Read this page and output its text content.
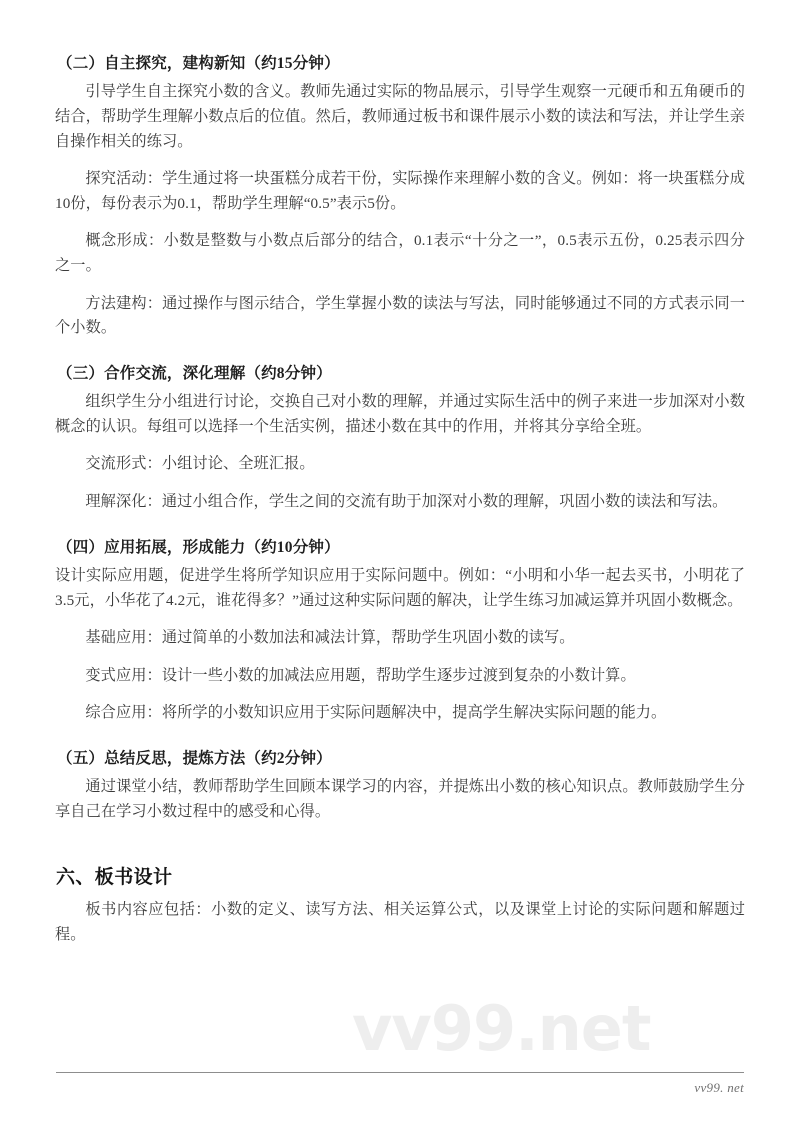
（二）自主探究，建构新知（约15分钟）

引导学生自主探究小数的含义。教师先通过实际的物品展示，引导学生观察一元硬币和五角硬币的结合，帮助学生理解小数点后的位值。然后，教师通过板书和课件展示小数的读法和写法，并让学生亲自操作相关的练习。

探究活动：学生通过将一块蛋糕分成若干份，实际操作来理解小数的含义。例如：将一块蛋糕分成10份，每份表示为0.1，帮助学生理解“0.5”表示5份。

概念形成：小数是整数与小数点后部分的结合，0.1表示“十分之一”，0.5表示五份，0.25表示四分之一。

方法建构：通过操作与图示结合，学生掌握小数的读法与写法，同时能够通过不同的方式表示同一个小数。

（三）合作交流，深化理解（约8分钟）

组织学生分小组进行讨论，交换自己对小数的理解，并通过实际生活中的例子来进一步加深对小数概念的认识。每组可以选择一个生活实例，描述小数在其中的作用，并将其分享给全班。

交流形式：小组讨论、全班汇报。

理解深化：通过小组合作，学生之间的交流有助于加深对小数的理解，巩固小数的读法和写法。

（四）应用拓展，形成能力（约10分钟）

设计实际应用题，促进学生将所学知识应用于实际问题中。例如：“小明和小华一起去买书，小明花了3.5元，小华花了4.2元，谁花得多？”通过这种实际问题的解决，让学生练习加减运算并巩固小数概念。

基础应用：通过简单的小数加法和减法计算，帮助学生巩固小数的读写。

变式应用：设计一些小数的加减法应用题，帮助学生逐步过渡到复杂的小数计算。

综合应用：将所学的小数知识应用于实际问题解决中，提高学生解决实际问题的能力。

（五）总结反思，提炼方法（约2分钟）

通过课堂小结，教师帮助学生回顾本课学习的内容，并提炼出小数的核心知识点。教师鼓励学生分享自己在学习小数过程中的感受和心得。

六、板书设计

板书内容应包括：小数的定义、读写方法、相关运算公式，以及课堂上讨论的实际问题和解题过程。

vv99.net
vv99. net
